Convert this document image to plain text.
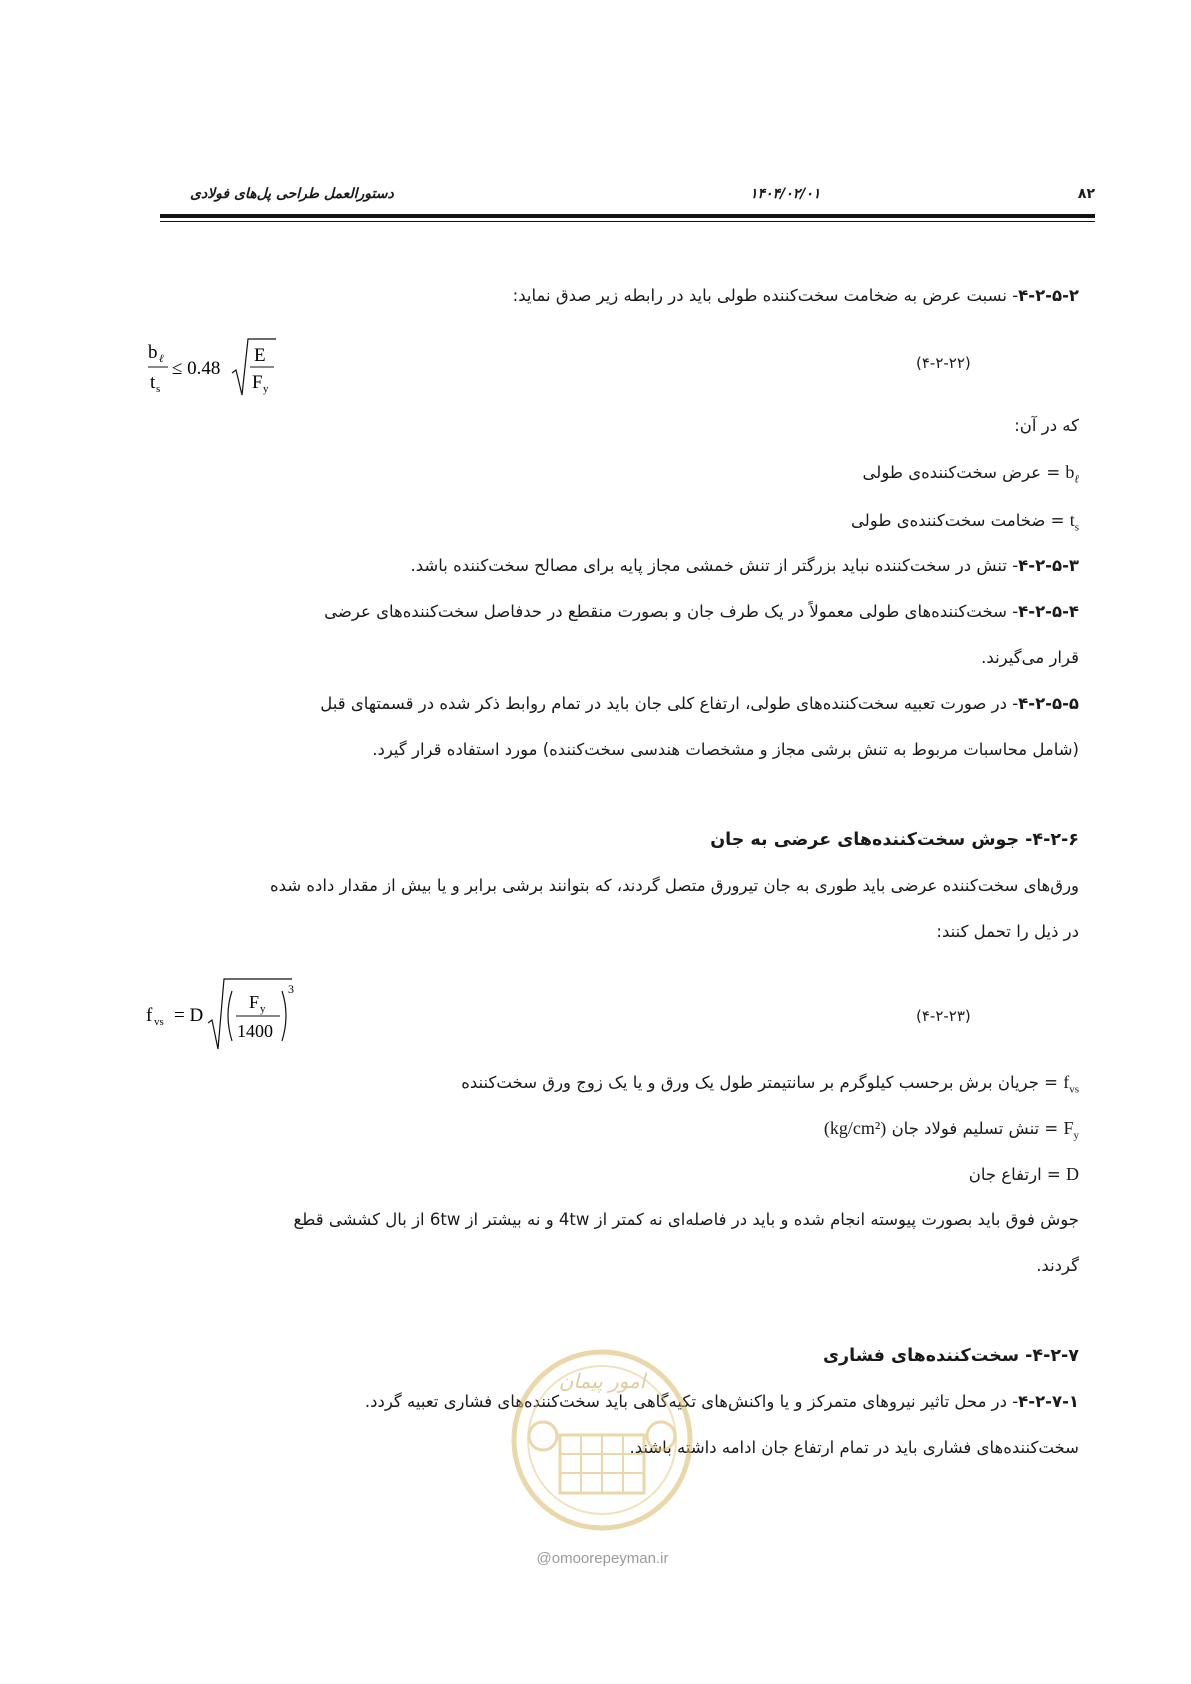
دستورالعمل طراحی پل‌های فولادی	۱۴۰۴/۰۲/۰۱	۸۲
۴-۲-۵-۲- نسبت عرض به ضخامت سخت‌کننده طولی باید در رابطه زیر صدق نماید:
b ℓ
t s
≤ 0.48
E
F y
(۴-۲-۲۲)
که در آن:
$b_\ell$ = عرض سخت‌کننده‌ی طولی
$t_s$ = ضخامت سخت‌کننده‌ی طولی
۴-۲-۵-۳- تنش در سخت‌کننده نباید بزرگتر از تنش خمشی مجاز پایه برای مصالح سخت‌کننده باشد.
۴-۲-۵-۴- سخت‌کننده‌های طولی معمولاً در یک طرف جان و بصورت منقطع در حدفاصل سخت‌کننده‌های عرضی
قرار می‌گیرند.
۴-۲-۵-۵- در صورت تعبیه سخت‌کننده‌های طولی، ارتفاع کلی جان باید در تمام روابط ذکر شده در قسمتهای قبل
(شامل محاسبات مربوط به تنش برشی مجاز و مشخصات هندسی سخت‌کننده) مورد استفاده قرار گیرد.
۴-۲-۶- جوش سخت‌کننده‌های عرضی به جان
ورق‌های سخت‌کننده عرضی باید طوری به جان تیرورق متصل گردند، که بتوانند برشی برابر و یا بیش از مقدار داده شده
در ذیل را تحمل کنند:
f vs = D
F y
1400
3
(۴-۲-۲۳)
$f_{vs}$ = جریان برش برحسب کیلوگرم بر سانتیمتر طول یک ورق و یا یک زوج ورق سخت‌کننده
$F_y$ = تنش تسلیم فولاد جان (kg/cm²)
D = ارتفاع جان
جوش فوق باید بصورت پیوسته انجام شده و باید در فاصله‌ای نه کمتر از 4tw و نه بیشتر از 6tw از بال کششی قطع
گردند.
۴-۲-۷- سخت‌کننده‌های فشاری
۴-۲-۷-۱- در محل تاثیر نیروهای متمرکز و یا واکنش‌های تکیه‌گاهی باید سخت‌کننده‌های فشاری تعبیه گردد.
سخت‌کننده‌های فشاری باید در تمام ارتفاع جان ادامه داشته باشند.
امور پیمان
@omoorepeyman.ir
